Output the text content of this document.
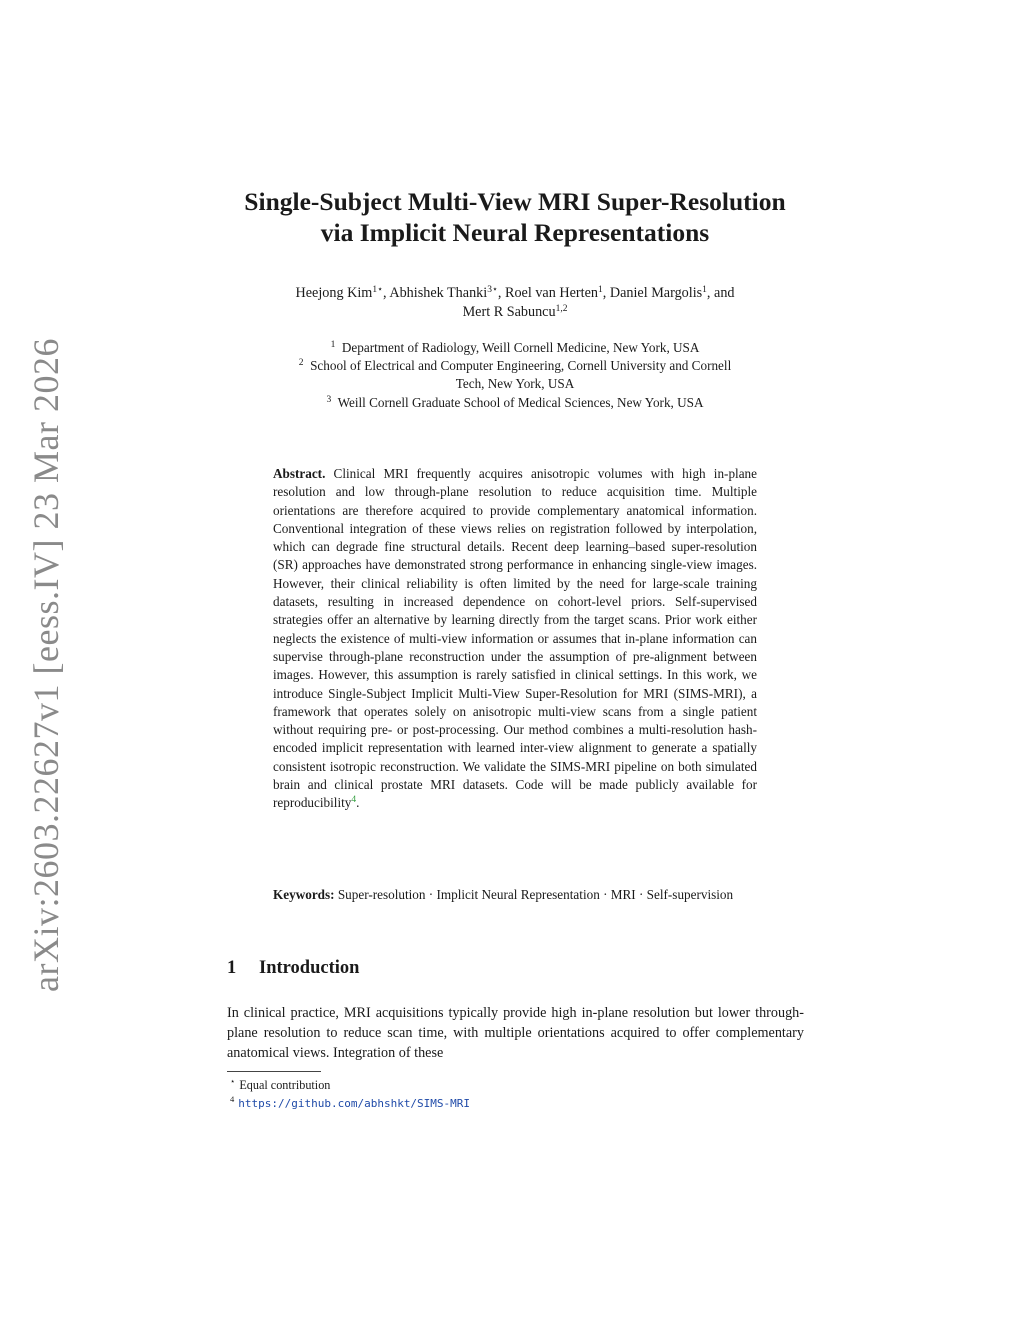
arXiv:2603.22627v1 [eess.IV] 23 Mar 2026
Single-Subject Multi-View MRI Super-Resolution
via Implicit Neural Representations
Heejong Kim$^{1⋆}$, Abhishek Thanki$^{3⋆}$, Roel van Herten$^1$, Daniel Margolis$^1$, and
Mert R Sabuncu$^{1,2}$
$^1$ Department of Radiology, Weill Cornell Medicine, New York, USA
$^2$ School of Electrical and Computer Engineering, Cornell University and Cornell
Tech, New York, USA
$^3$ Weill Cornell Graduate School of Medical Sciences, New York, USA

Abstract. Clinical MRI frequently acquires anisotropic volumes with high in-plane resolution and low through-plane resolution to reduce acquisition time. Multiple orientations are therefore acquired to provide complementary anatomical information. Conventional integration of these views relies on registration followed by interpolation, which can degrade fine structural details. Recent deep learning–based super-resolution (SR) approaches have demonstrated strong performance in enhancing single-view images. However, their clinical reliability is often limited by the need for large-scale training datasets, resulting in increased dependence on cohort-level priors. Self-supervised strategies offer an alternative by learning directly from the target scans. Prior work either neglects the existence of multi-view information or assumes that in-plane information can supervise through-plane reconstruction under the assumption of pre-alignment between images. However, this assumption is rarely satisfied in clinical settings. In this work, we introduce Single-Subject Implicit Multi-View Super-Resolution for MRI (SIMS-MRI), a framework that operates solely on anisotropic multi-view scans from a single patient without requiring pre- or post-processing. Our method combines a multi-resolution hash-encoded implicit representation with learned inter-view alignment to generate a spatially consistent isotropic reconstruction. We validate the SIMS-MRI pipeline on both simulated brain and clinical prostate MRI datasets. Code will be made publicly available for reproducibility$^4$.

Keywords: Super-resolution · Implicit Neural Representation · MRI · Self-supervision

1 Introduction

In clinical practice, MRI acquisitions typically provide high in-plane resolution but lower through-plane resolution to reduce scan time, with multiple orientations acquired to offer complementary anatomical views. Integration of these

⋆ Equal contribution
$^4$ https://github.com/abhshkt/SIMS-MRI
